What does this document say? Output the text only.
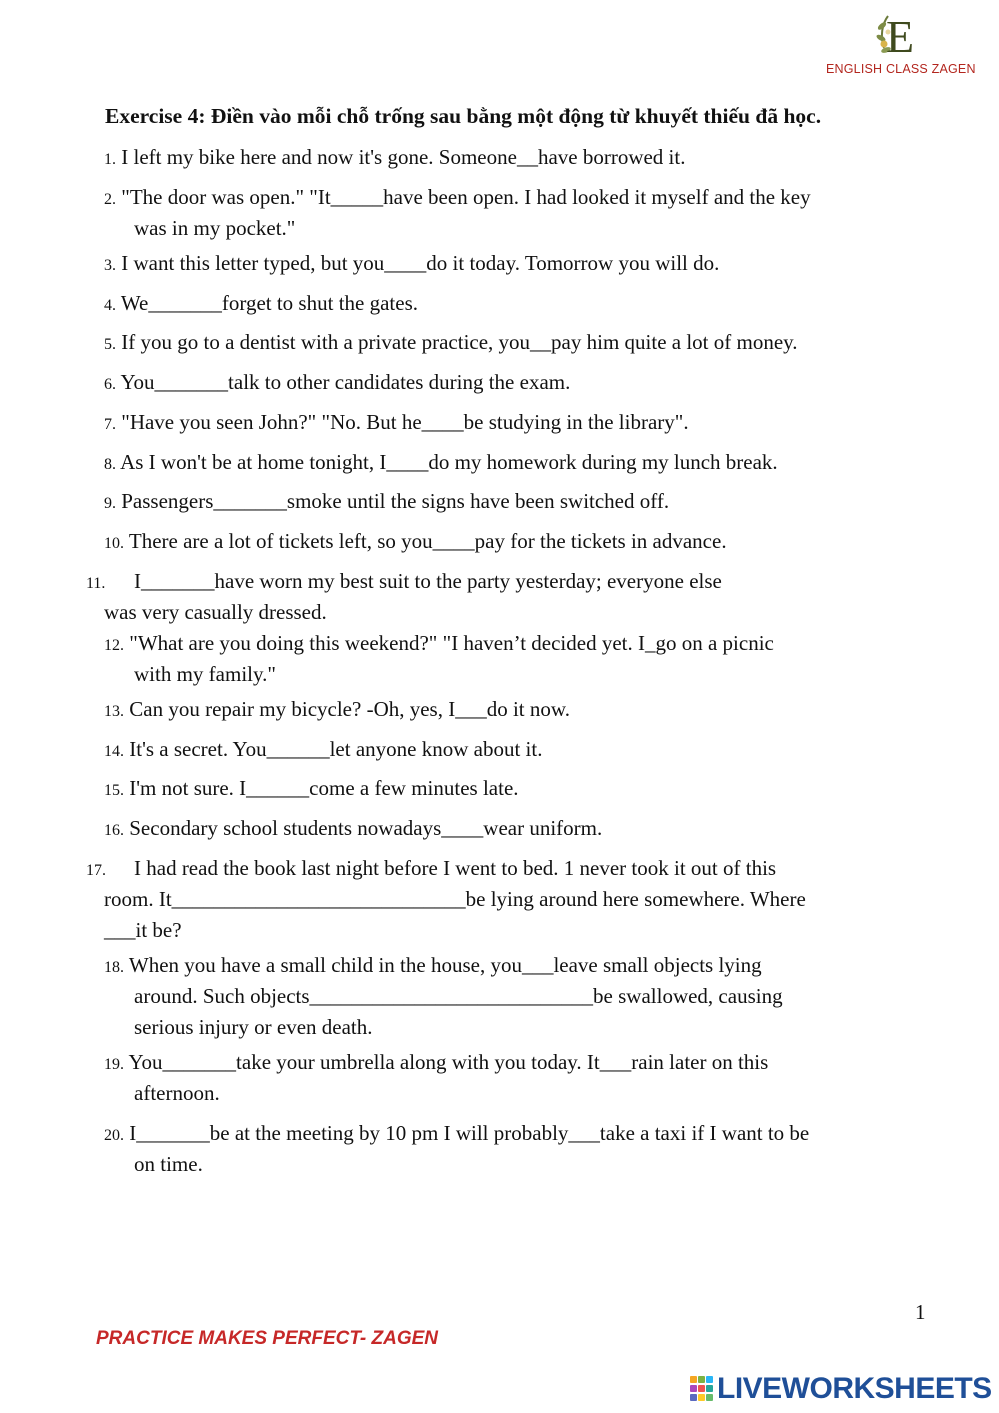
E
ENGLISH CLASS ZAGEN
Exercise 4: Điền vào mỗi chỗ trống sau bằng một động từ khuyết thiếu đã học.
1. I left my bike here and now it's gone. Someone__have borrowed it.
2. "The door was open." "It_____have been open. I had looked it myself and the key
was in my pocket."
3. I want this letter typed, but you____do it today. Tomorrow you will do.
4. We_______forget to shut the gates.
5. If you go to a dentist with a private practice, you__pay him quite a lot of money.
6. You_______talk to other candidates during the exam.
7. "Have you seen John?" "No. But he____be studying in the library".
8. As I won't be at home tonight, I____do my homework during my lunch break.
9. Passengers_______smoke until the signs have been switched off.
10. There are a lot of tickets left, so you____pay for the tickets in advance.
11. I_______have worn my best suit to the party yesterday; everyone else
was very casually dressed.
12. "What are you doing this weekend?" "I haven’t decided yet. I_go on a picnic
with my family."
13. Can you repair my bicycle? -Oh, yes, I___do it now.
14. It's a secret. You______let anyone know about it.
15. I'm not sure. I______come a few minutes late.
16. Secondary school students nowadays____wear uniform.
17. I had read the book last night before I went to bed. 1 never took it out of this
room. It____________________________be lying around here somewhere. Where
___it be?
18. When you have a small child in the house, you___leave small objects lying
around. Such objects___________________________be swallowed, causing
serious injury or even death.
19. You_______take your umbrella along with you today. It___rain later on this
afternoon.
20. I_______be at the meeting by 10 pm I will probably___take a taxi if I want to be
on time.
1
PRACTICE MAKES PERFECT- ZAGEN
LIVEWORKSHEETS
